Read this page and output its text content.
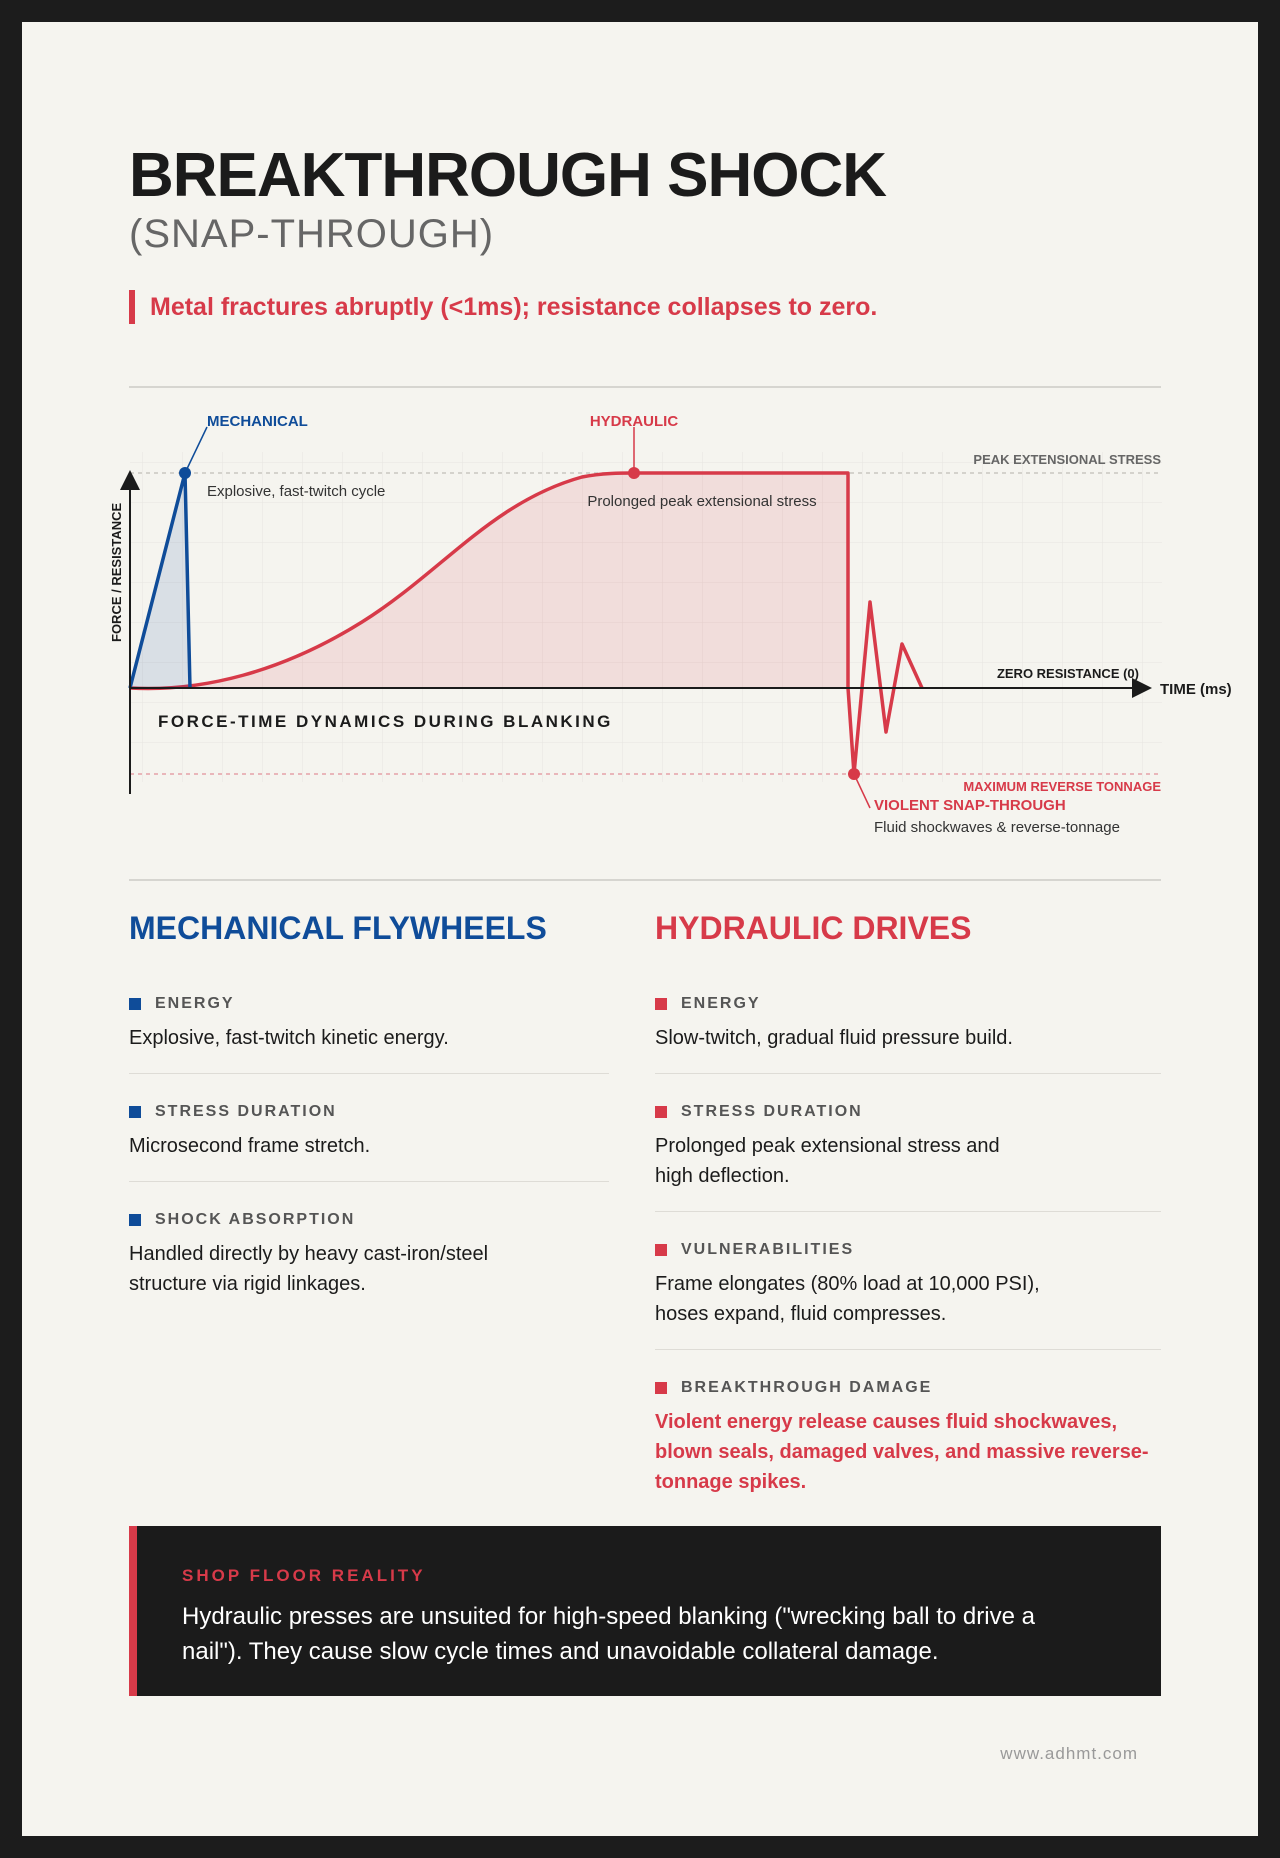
BREAKTHROUGH SHOCK
(SNAP-THROUGH)
Metal fractures abruptly (<1ms); resistance collapses to zero.
MECHANICAL
Explosive, fast-twitch cycle
HYDRAULIC
Prolonged peak extensional stress
PEAK EXTENSIONAL STRESS
ZERO RESISTANCE (0)
MAXIMUM REVERSE TONNAGE
TIME (ms)
FORCE / RESISTANCE
FORCE-TIME DYNAMICS DURING BLANKING
VIOLENT SNAP-THROUGH
Fluid shockwaves & reverse-tonnage
MECHANICAL FLYWHEELS
ENERGY
Explosive, fast-twitch kinetic energy.
STRESS DURATION
Microsecond frame stretch.
SHOCK ABSORPTION
Handled directly by heavy cast-iron/steel structure via rigid linkages.
HYDRAULIC DRIVES
ENERGY
Slow-twitch, gradual fluid pressure build.
STRESS DURATION
Prolonged peak extensional stress and high deflection.
VULNERABILITIES
Frame elongates (80% load at 10,000 PSI), hoses expand, fluid compresses.
BREAKTHROUGH DAMAGE
Violent energy release causes fluid shockwaves, blown seals, damaged valves, and massive reverse-tonnage spikes.
SHOP FLOOR REALITY
Hydraulic presses are unsuited for high-speed blanking ("wrecking ball to drive a nail"). They cause slow cycle times and unavoidable collateral damage.
www.adhmt.com
